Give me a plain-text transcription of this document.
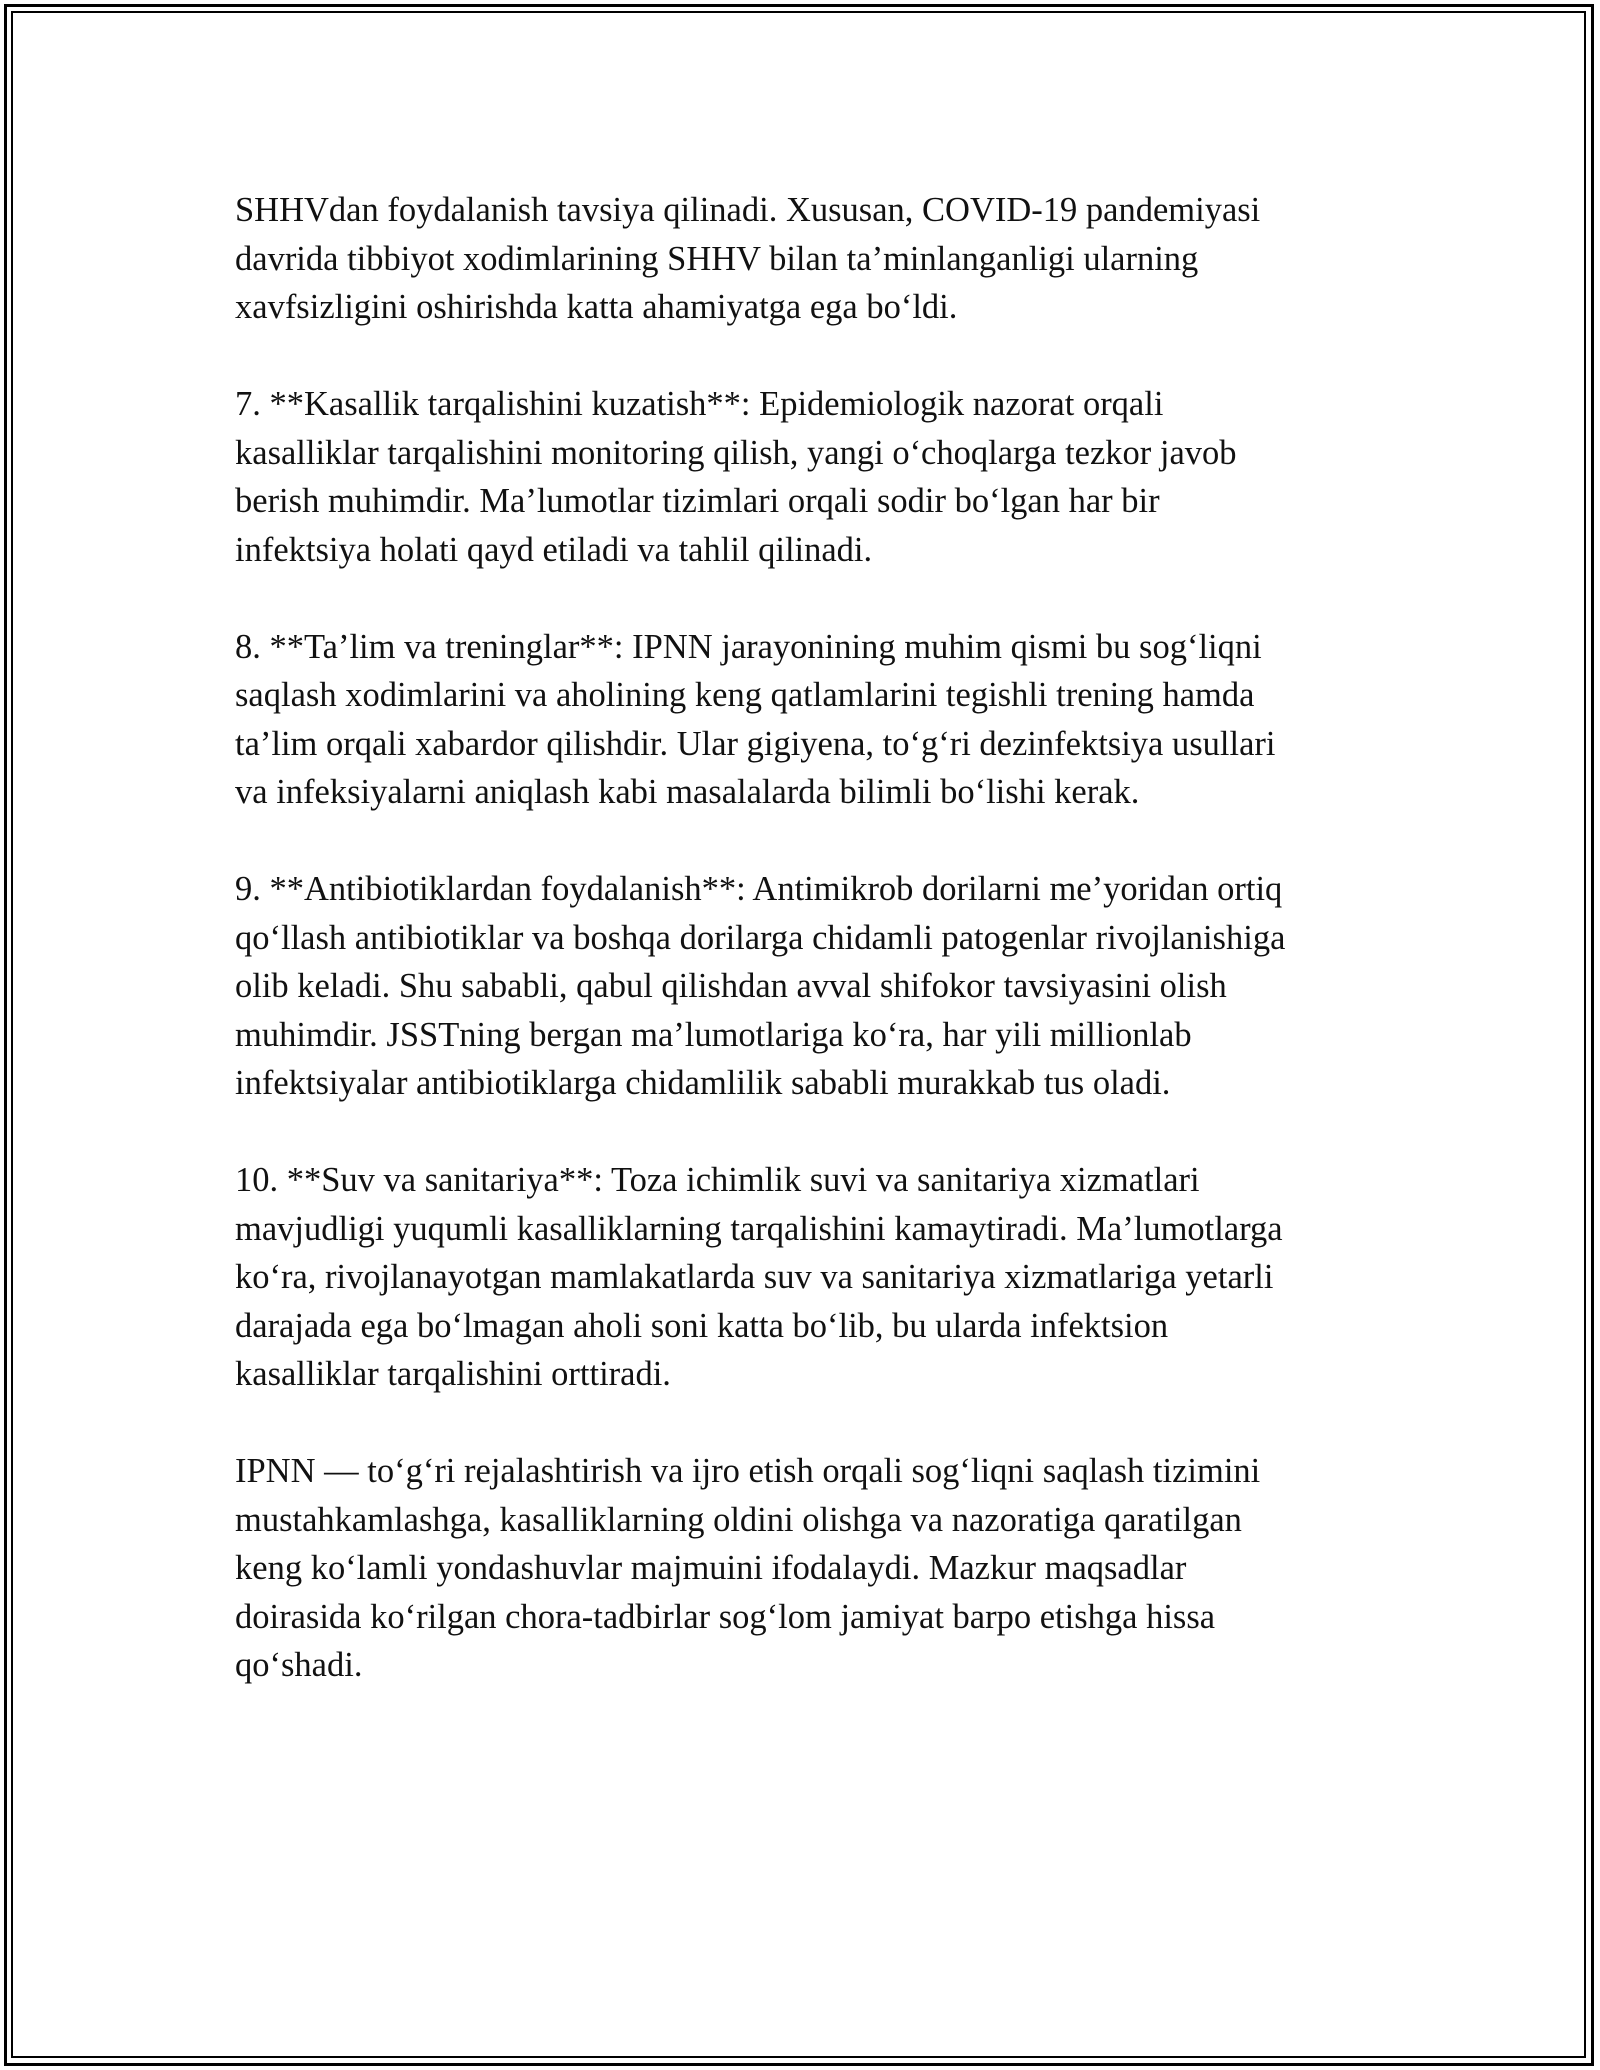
SHHVdan foydalanish tavsiya qilinadi. Xususan, COVID-19 pandemiyasi
davrida tibbiyot xodimlarining SHHV bilan ta’minlanganligi ularning
xavfsizligini oshirishda katta ahamiyatga ega bo‘ldi.

7. **Kasallik tarqalishini kuzatish**: Epidemiologik nazorat orqali
kasalliklar tarqalishini monitoring qilish, yangi o‘choqlarga tezkor javob
berish muhimdir. Ma’lumotlar tizimlari orqali sodir bo‘lgan har bir
infektsiya holati qayd etiladi va tahlil qilinadi.

8. **Ta’lim va treninglar**: IPNN jarayonining muhim qismi bu sog‘liqni
saqlash xodimlarini va aholining keng qatlamlarini tegishli trening hamda
ta’lim orqali xabardor qilishdir. Ular gigiyena, to‘g‘ri dezinfektsiya usullari
va infeksiyalarni aniqlash kabi masalalarda bilimli bo‘lishi kerak.

9. **Antibiotiklardan foydalanish**: Antimikrob dorilarni me’yoridan ortiq
qo‘llash antibiotiklar va boshqa dorilarga chidamli patogenlar rivojlanishiga
olib keladi. Shu sababli, qabul qilishdan avval shifokor tavsiyasini olish
muhimdir. JSSTning bergan ma’lumotlariga ko‘ra, har yili millionlab
infektsiyalar antibiotiklarga chidamlilik sababli murakkab tus oladi.

10. **Suv va sanitariya**: Toza ichimlik suvi va sanitariya xizmatlari
mavjudligi yuqumli kasalliklarning tarqalishini kamaytiradi. Ma’lumotlarga
ko‘ra, rivojlanayotgan mamlakatlarda suv va sanitariya xizmatlariga yetarli
darajada ega bo‘lmagan aholi soni katta bo‘lib, bu ularda infektsion
kasalliklar tarqalishini orttiradi.

IPNN — to‘g‘ri rejalashtirish va ijro etish orqali sog‘liqni saqlash tizimini
mustahkamlashga, kasalliklarning oldini olishga va nazoratiga qaratilgan
keng ko‘lamli yondashuvlar majmuini ifodalaydi. Mazkur maqsadlar
doirasida ko‘rilgan chora-tadbirlar sog‘lom jamiyat barpo etishga hissa
qo‘shadi.
